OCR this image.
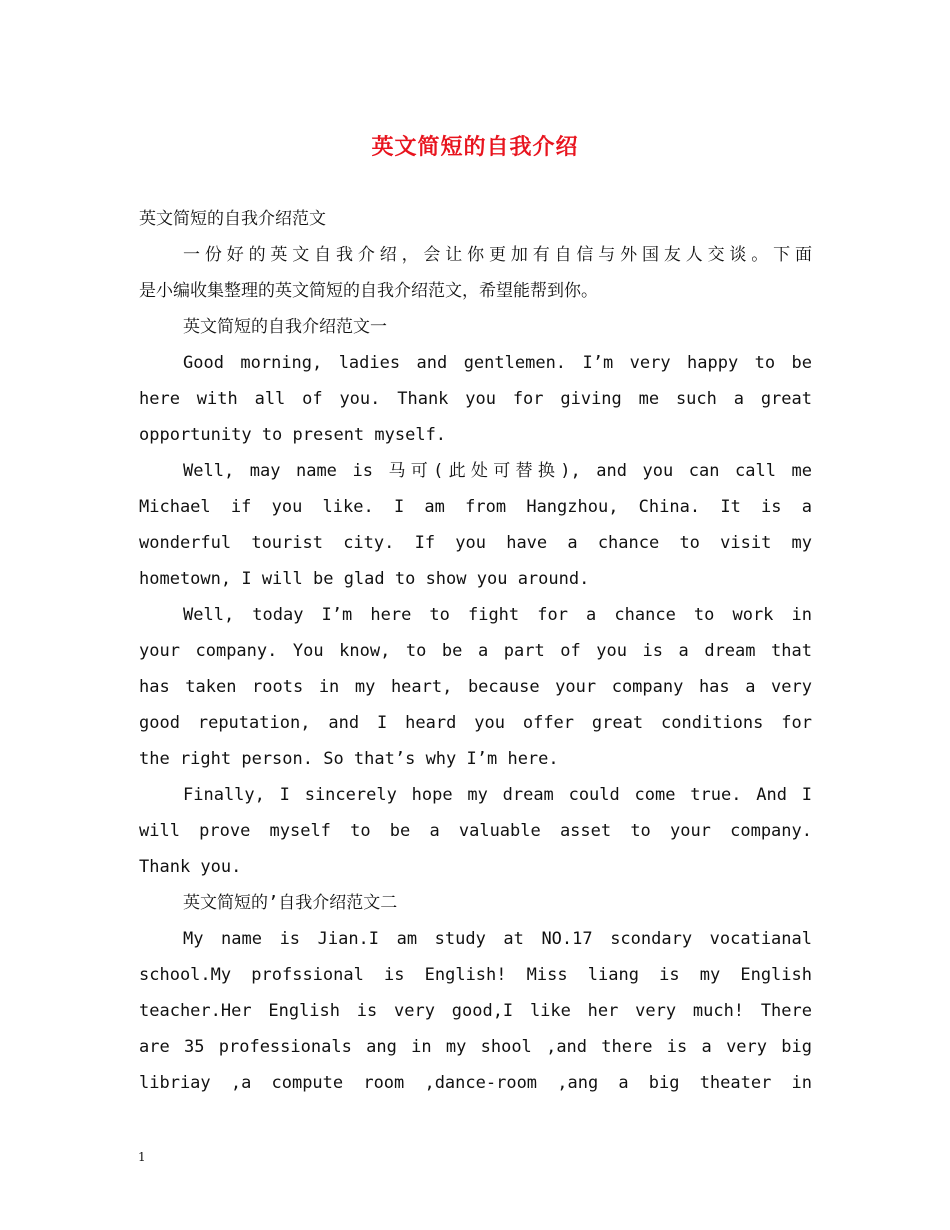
英文简短的自我介绍
英文简短的自我介绍范文
一份好的英文自我介绍，会让你更加有自信与外国友人交谈。下面
是小编收集整理的英文简短的自我介绍范文，希望能帮到你。
英文简短的自我介绍范文一
Good morning, ladies and gentlemen. I’m very happy to be
here with all of you. Thank you for giving me such a great
opportunity to present myself.
Well, may name is 马可(此处可替换), and you can call me
Michael if you like. I am from Hangzhou, China. It is a
wonderful tourist city. If you have a chance to visit my
hometown, I will be glad to show you around.
Well, today I’m here to fight for a chance to work in
your company. You know, to be a part of you is a dream that
has taken roots in my heart, because your company has a very
good reputation, and I heard you offer great conditions for
the right person. So that’s why I’m here.
Finally, I sincerely hope my dream could come true. And I
will prove myself to be a valuable asset to your company.
Thank you.
英文简短的’自我介绍范文二
My name is Jian.I am study at NO.17 scondary vocatianal
school.My profssional is English! Miss liang is my English
teacher.Her English is very good,I like her very much! There
are 35 professionals ang in my shool ,and there is a very big
libriay ,a compute room ,dance-room ,ang a big theater in
1
